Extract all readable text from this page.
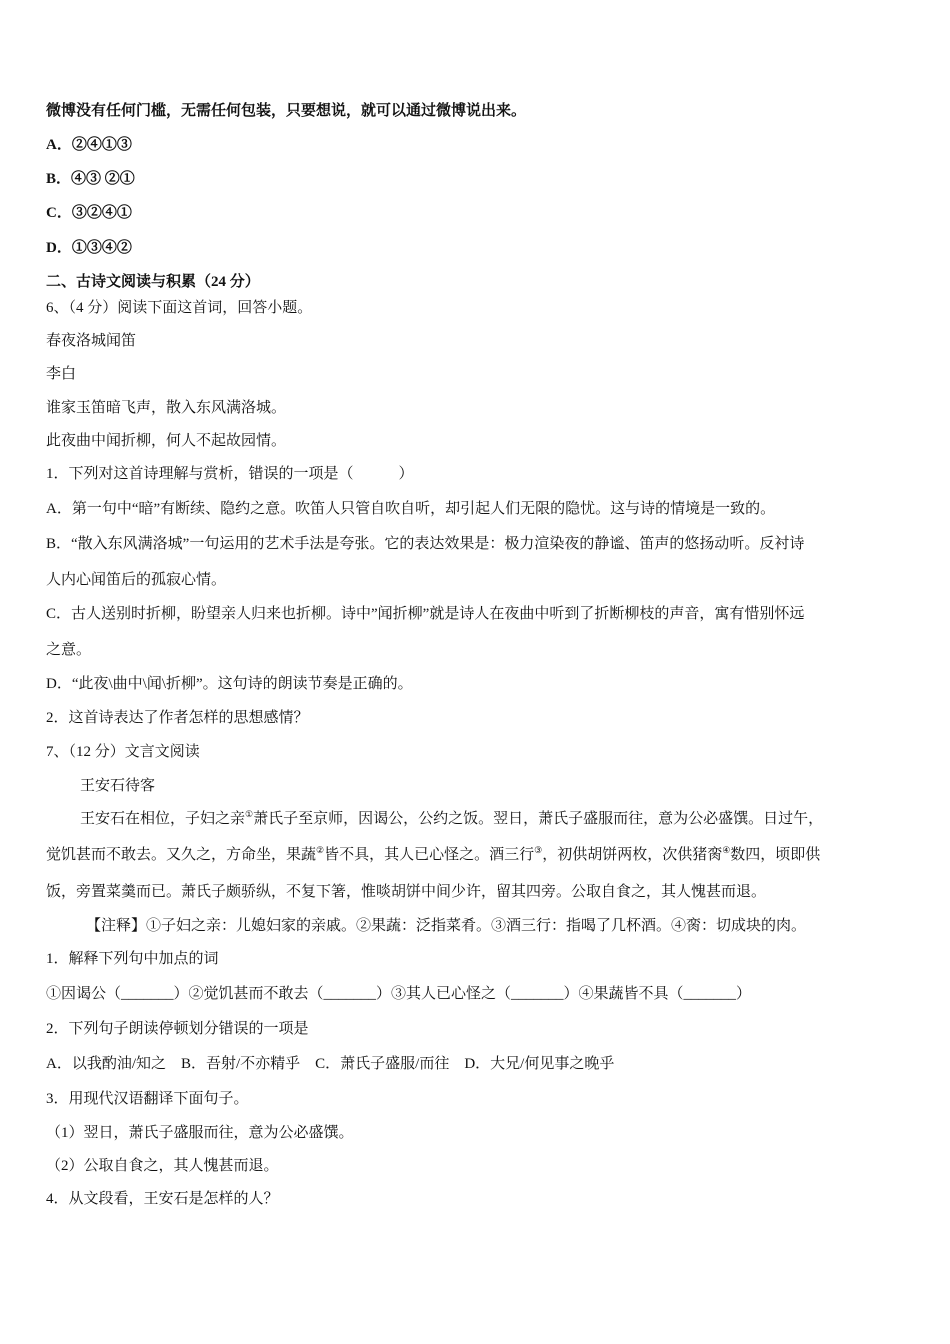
微博没有任何门槛，无需任何包装，只要想说，就可以通过微博说出来。
A．②④①③
B．④③ ②①
C．③②④①
D．①③④②
二、古诗文阅读与积累（24 分）
6、（4 分）阅读下面这首词，回答小题。
春夜洛城闻笛
李白
谁家玉笛暗飞声，散入东风满洛城。
此夜曲中闻折柳，何人不起故园情。
1．下列对这首诗理解与赏析，错误的一项是（　　　）
A．第一句中“暗”有断续、隐约之意。吹笛人只管自吹自听，却引起人们无限的隐忧。这与诗的情境是一致的。
B．“散入东风满洛城”一句运用的艺术手法是夸张。它的表达效果是：极力渲染夜的静谧、笛声的悠扬动听。反衬诗
人内心闻笛后的孤寂心情。
C．古人送别时折柳，盼望亲人归来也折柳。诗中”闻折柳”就是诗人在夜曲中听到了折断柳枝的声音，寓有惜别怀远
之意。
D．“此夜\曲中\闻\折柳”。这句诗的朗读节奏是正确的。
2．这首诗表达了作者怎样的思想感情？
7、（12 分）文言文阅读
王安石待客
王安石在相位，子妇之亲①萧氏子至京师，因谒公，公约之饭。翌日，萧氏子盛服而往，意为公必盛馔。日过午，
觉饥甚而不敢去。又久之，方命坐，果蔬②皆不具，其人已心怪之。酒三行③，初供胡饼两枚，次供猪脔④数四，顷即供
饭，旁置菜羹而已。萧氏子颇骄纵，不复下箸，惟啖胡饼中间少许，留其四旁。公取自食之，其人愧甚而退。
【注释】①子妇之亲：儿媳妇家的亲戚。②果蔬：泛指菜肴。③酒三行：指喝了几杯酒。④脔：切成块的肉。
1．解释下列句中加点的词
①因谒公（_______）②觉饥甚而不敢去（_______）③其人已心怪之（_______）④果蔬皆不具（_______）
2．下列句子朗读停顿划分错误的一项是
A．以我酌油/知之　B．吾射/不亦精乎　C．萧氏子盛服/而往　D．大兄/何见事之晚乎
3．用现代汉语翻译下面句子。
（1）翌日，萧氏子盛服而往，意为公必盛馔。
（2）公取自食之，其人愧甚而退。
4．从文段看，王安石是怎样的人？
